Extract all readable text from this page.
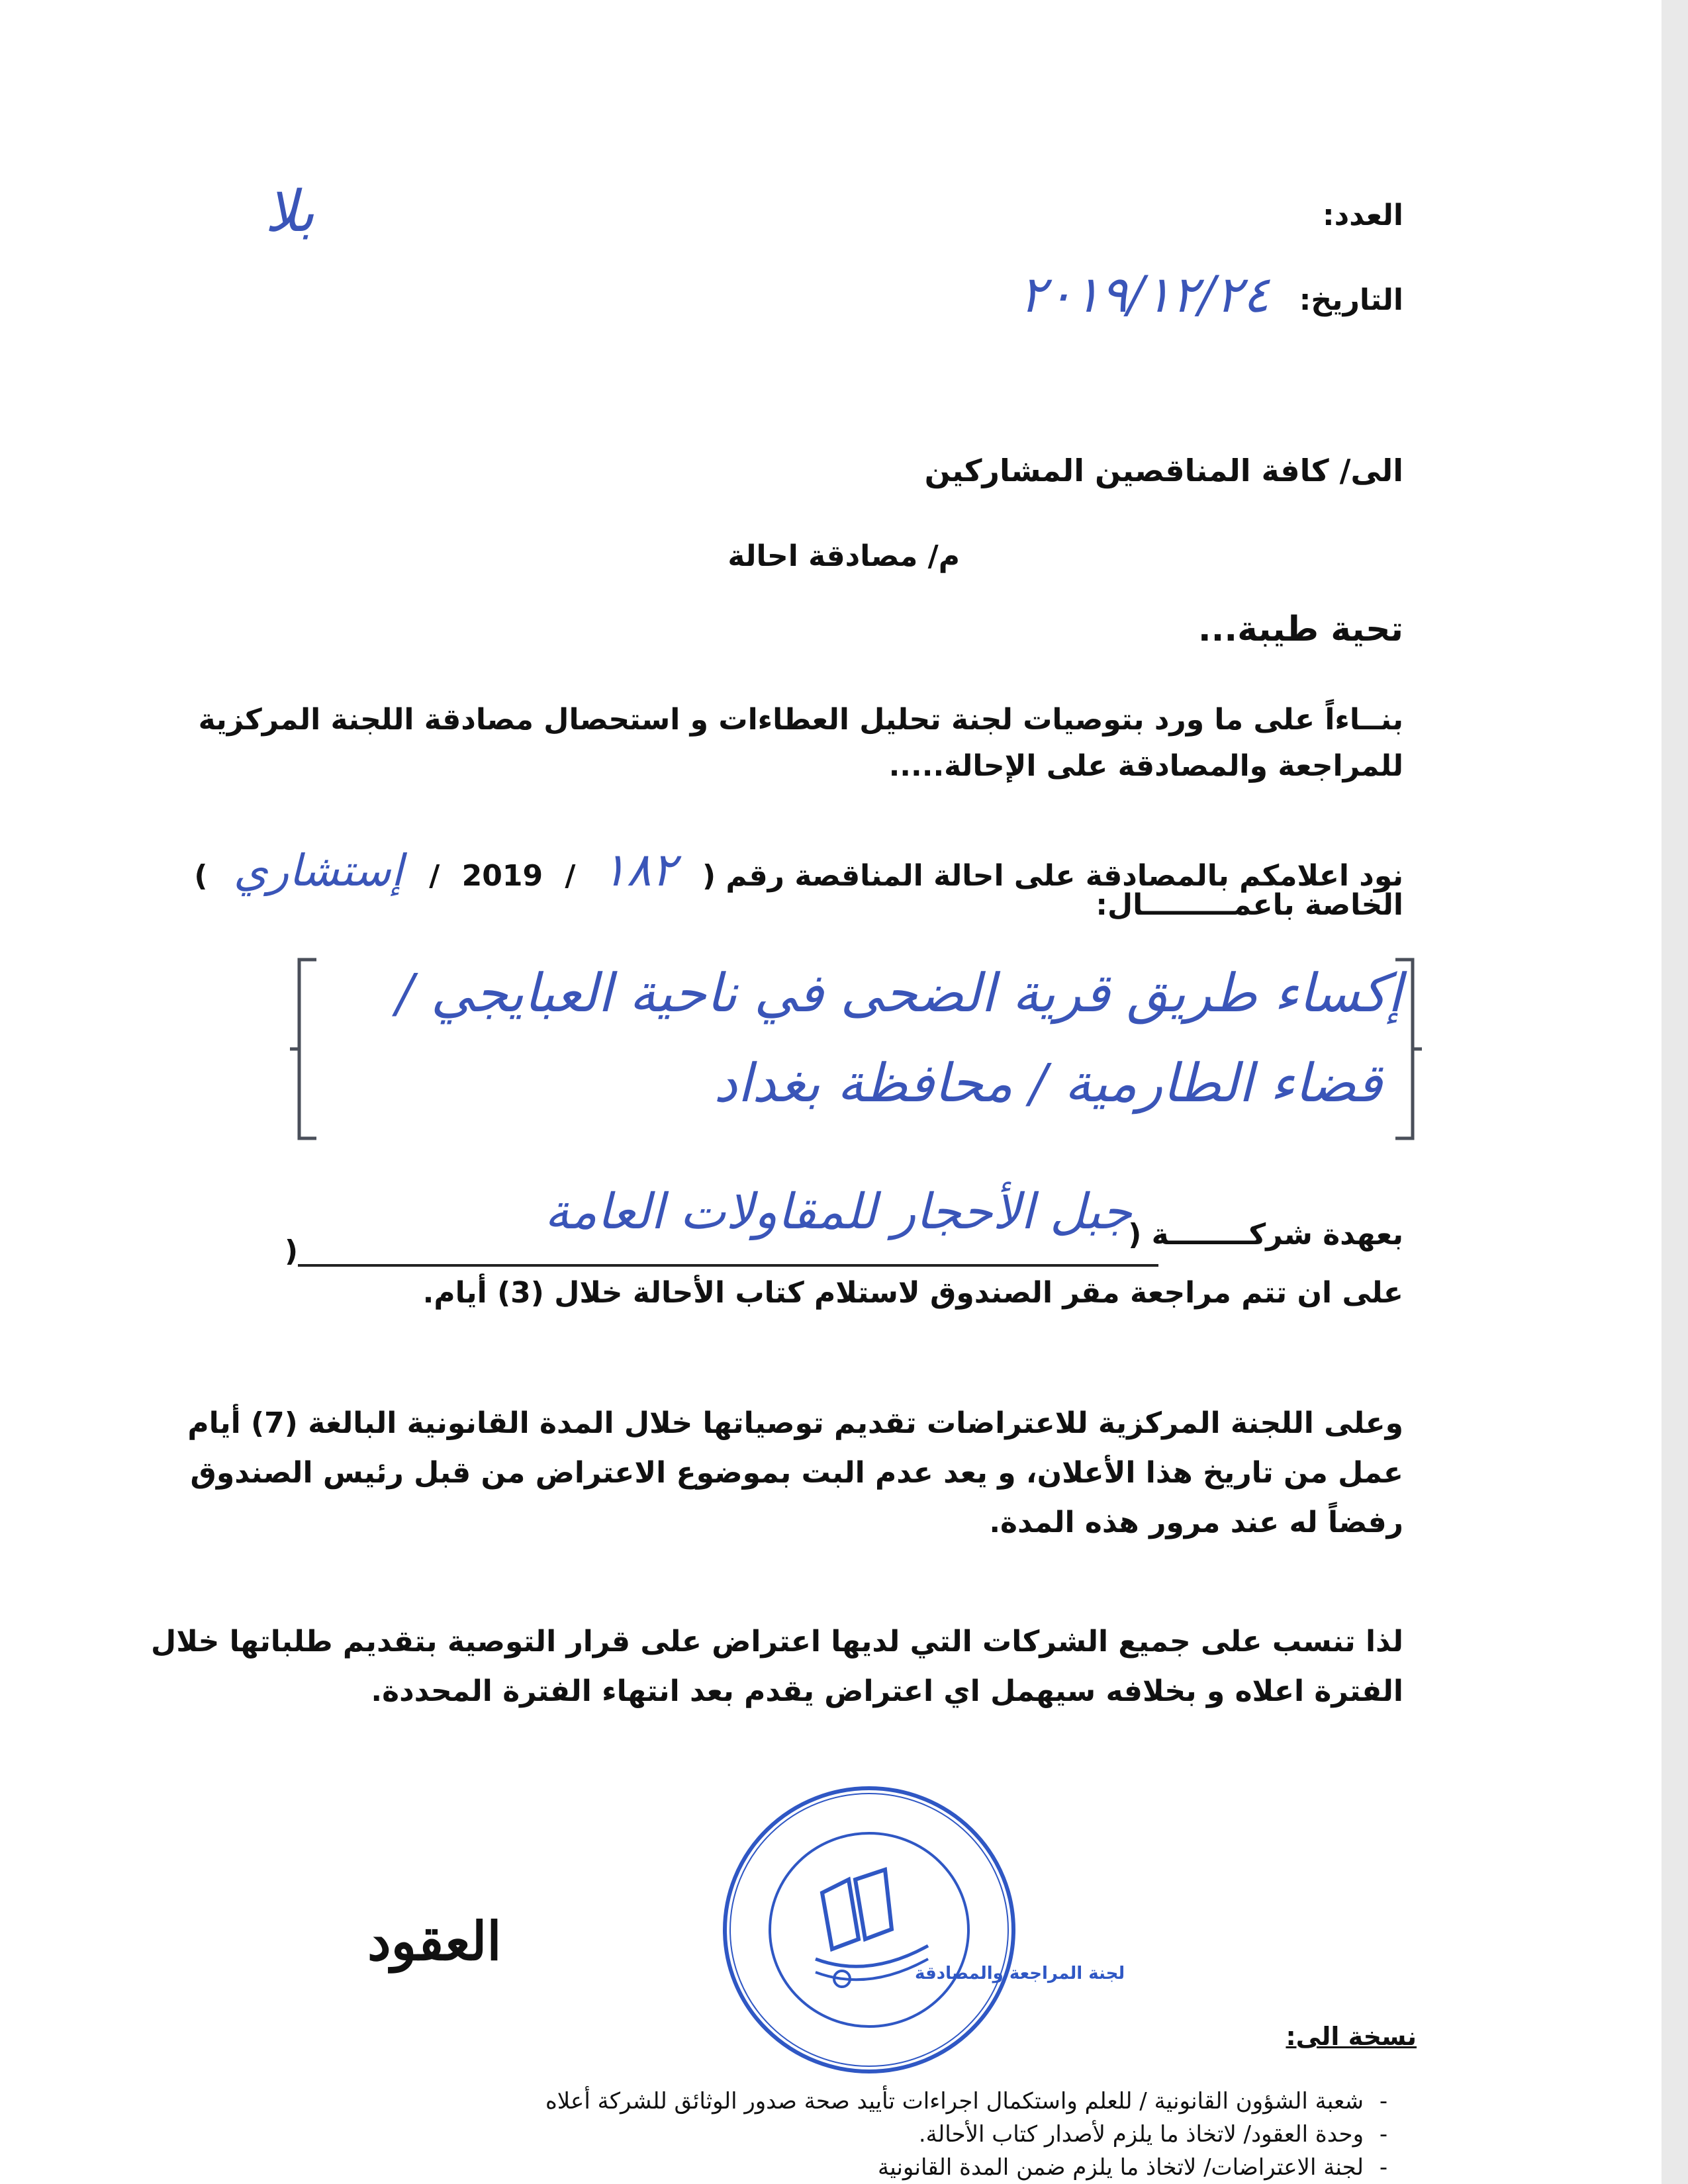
العدد:
بلا
التاريخ:
٢٠١٩/١٢/٢٤
الى/ كافة المناقصين المشاركين
م/ مصادقة احالة
تحية طيبة...
بنــاءاً على ما ورد بتوصيات لجنة تحليل العطاءات و استحصال مصادقة اللجنة المركزية
للمراجعة والمصادقة على الإحالة.....
نود اعلامكم بالمصادقة على احالة المناقصة رقم ( ١٨٢ / 2019 / إستشاري )
الخاصة باعمـــــــــال:
إكساء طريق قرية الضحى في ناحية العبايجي /
قضاء الطارمية / محافظة بغداد
بعهدة شركــــــــة (
جبل الأحجار للمقاولات العامة
)
على ان تتم مراجعة مقر الصندوق لاستلام كتاب الأحالة خلال (3) أيام.
وعلى اللجنة المركزية للاعتراضات تقديم توصياتها خلال المدة القانونية البالغة (7) أيام
عمل من تاريخ هذا الأعلان، و يعد عدم البت بموضوع الاعتراض من قبل رئيس الصندوق
رفضاً له عند مرور هذه المدة.
لذا تنسب على جميع الشركات التي لديها اعتراض على قرار التوصية بتقديم طلباتها خلال
الفترة اعلاه و بخلافه سيهمل اي اعتراض يقدم بعد انتهاء الفترة المحددة.
لجنة المراجعة والمصادقة
العقود
نسخة الى:
-شعبة الشؤون القانونية / للعلم واستكمال اجراءات تأييد صحة صدور الوثائق للشركة أعلاه
-وحدة العقود/ لاتخاذ ما يلزم لأصدار كتاب الأحالة.
-لجنة الاعتراضات/ لاتخاذ ما يلزم ضمن المدة القانونية
